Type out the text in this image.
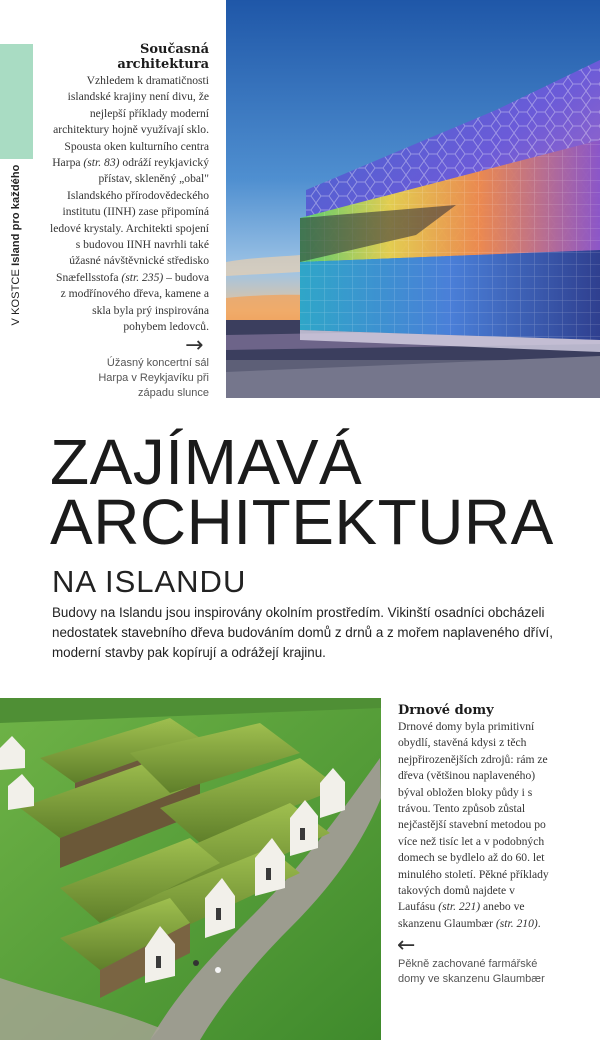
V KOSTCE Island pro každého
Současná architektura
Vzhledem k dramatičnosti islandské krajiny není divu, že nejlepší příklady moderní architektury hojně využívají sklo. Spousta oken kulturního centra Harpa (str. 83) odráží reykjavický přístav, skleněný „obal" Islandského přírodovědeckého institutu (IINH) zase připomíná ledové krystaly. Architekti spojení s budovou IINH navrhli také úžasné návštěvnické středisko Snæfellsstofa (str. 235) – budova z modřínového dřeva, kamene a skla byla prý inspirována pohybem ledovců.
→
Úžasný koncertní sál Harpa v Reykjavíku při západu slunce
ZAJÍMAVÁ
ARCHITEKTURA
NA ISLANDU
Budovy na Islandu jsou inspirovány okolním prostředím. Vikinští osadníci obcházeli nedostatek stavebního dřeva budováním domů z drnů a z mořem naplaveného dříví, moderní stavby pak kopírují a odrážejí krajinu.
Drnové domy
Drnové domy byla primitivní obydlí, stavěná kdysi z těch nejpřirozenějších zdrojů: rám ze dřeva (většinou naplaveného) býval obložen bloky půdy i s trávou. Tento způsob zůstal nejčastější stavební metodou po více než tisíc let a v podobných domech se bydlelo až do 60. let minulého století. Pěkné příklady takových domů najdete v Laufásu (str. 221) anebo ve skanzenu Glaumbær (str. 210).
←
Pěkně zachované farmářské domy ve skanzenu Glaumbær
